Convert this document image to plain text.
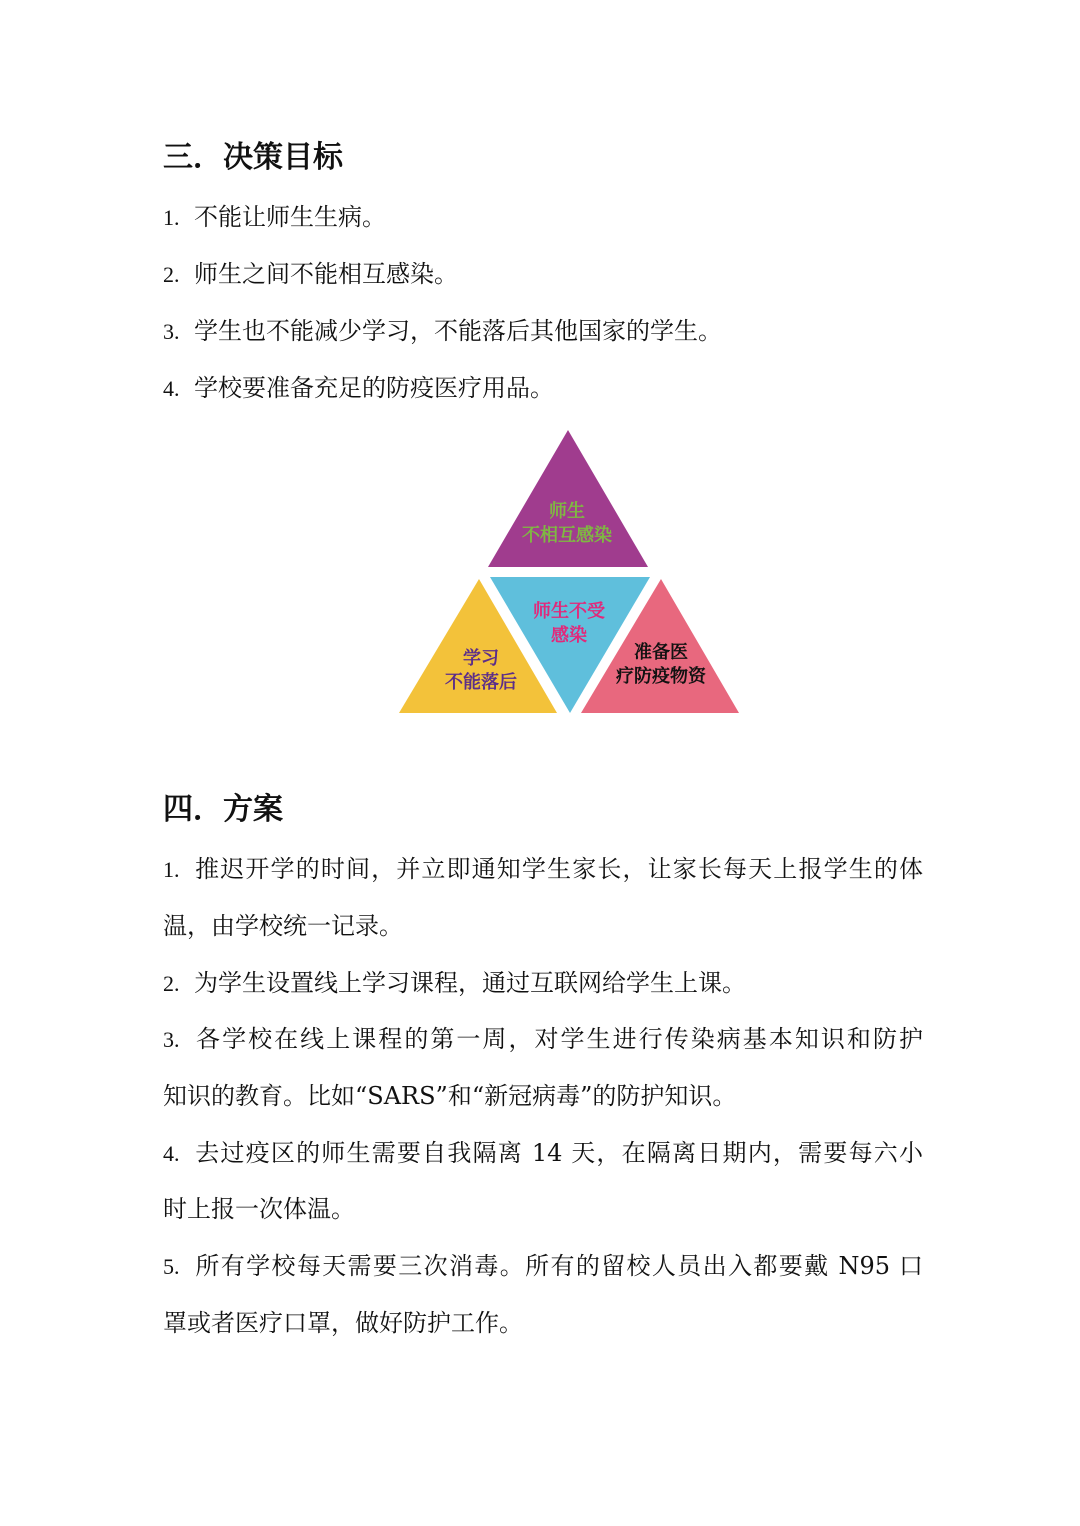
三．决策目标

1. 不能让师生生病。

2. 师生之间不能相互感染。

3. 学生也不能减少学习，不能落后其他国家的学生。

4. 学校要准备充足的防疫医疗用品。

师生
不相互感染
师生不受
感染
学习
不能落后
准备医
疗防疫物资
四．方案

1. 推迟开学的时间，并立即通知学生家长，让家长每天上报学生的体

温，由学校统一记录。

2. 为学生设置线上学习课程，通过互联网给学生上课。

3. 各学校在线上课程的第一周，对学生进行传染病基本知识和防护

知识的教育。比如“SARS”和“新冠病毒”的防护知识。

4. 去过疫区的师生需要自我隔离 14 天，在隔离日期内，需要每六小

时上报一次体温。

5. 所有学校每天需要三次消毒。所有的留校人员出入都要戴 N95 口

罩或者医疗口罩，做好防护工作。
